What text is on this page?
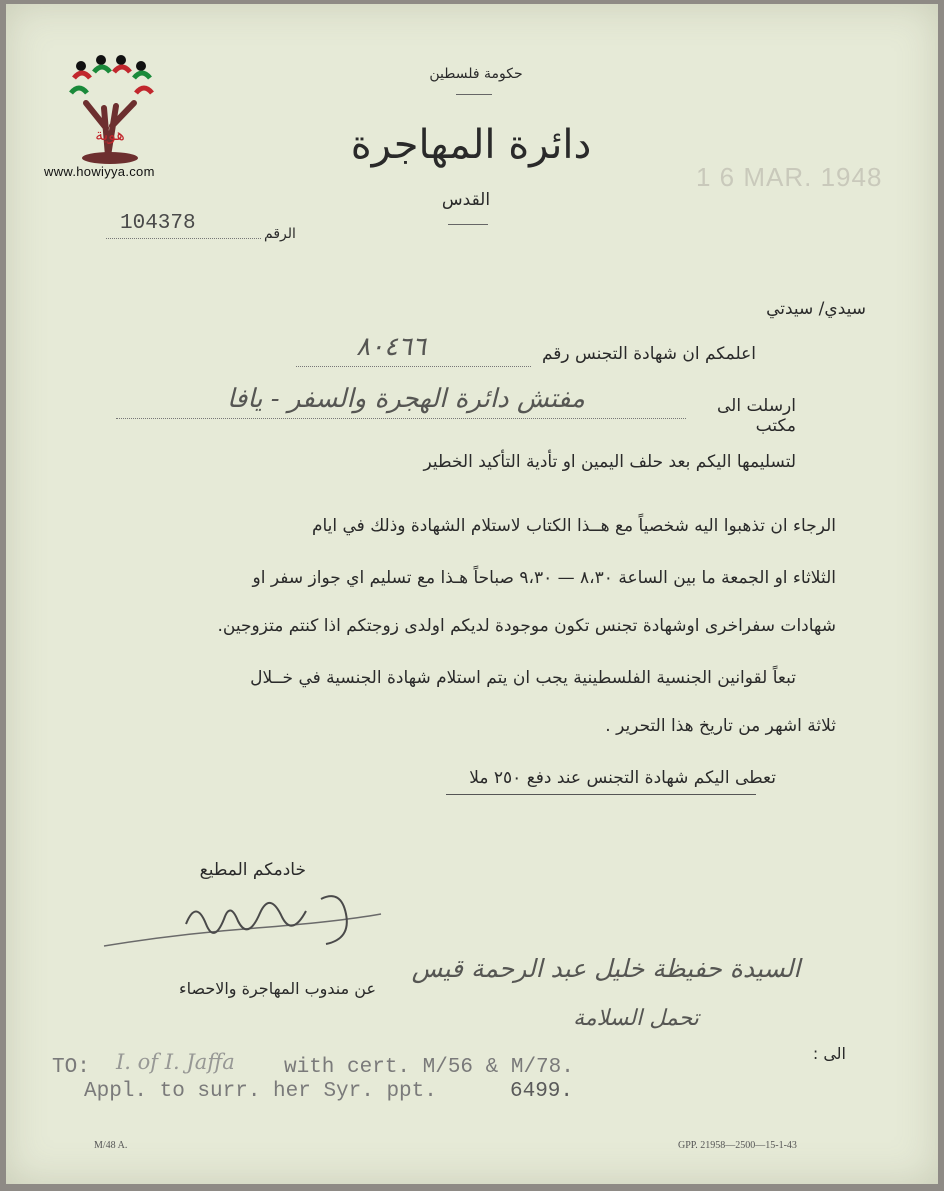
هوية
www.howiyya.com
حكومة فلسطين
دائرة المهاجرة
القدس
1 6 MAR. 1948
104378	الرقم
سيدي/ سيدتي
اعلمكم ان شهادة التجنس رقم
٨٠٤٦٦
ارسلت الى مكتب
مفتش دائرة الهجرة والسفر - يافا
لتسليمها اليكم بعد حلف اليمين او تأدية التأكيد الخطير
الرجاء ان تذهبوا اليه شخصياً مع هــذا الكتاب لاستلام الشهادة وذلك في ايام
الثلاثاء او الجمعة ما بين الساعة ٨،٣٠ — ٩،٣٠ صباحاً هـذا مع تسليم اي جواز سفر او
شهادات سفراخرى اوشهادة تجنس تكون موجودة لديكم اولدى زوجتكم اذا كنتم متزوجين.
تبعاً لقوانين الجنسية الفلسطينية يجب ان يتم استلام شهادة الجنسية في خــلال
ثلاثة اشهر من تاريخ هذا التحرير .
تعطى اليكم شهادة التجنس عند دفع ٢٥٠ ملا
خادمكم المطيع
فايز باعنة
عن مندوب المهاجرة والاحصاء
السيدة حفيظة خليل عبد الرحمة قيس
تحمل السلامة
الى :
TO: I. of I. Jaffa with cert. M/56 & M/78.
Appl. to surr. her Syr. ppt.	6499.
M/48 A.	GPP. 21958—2500—15-1-43
